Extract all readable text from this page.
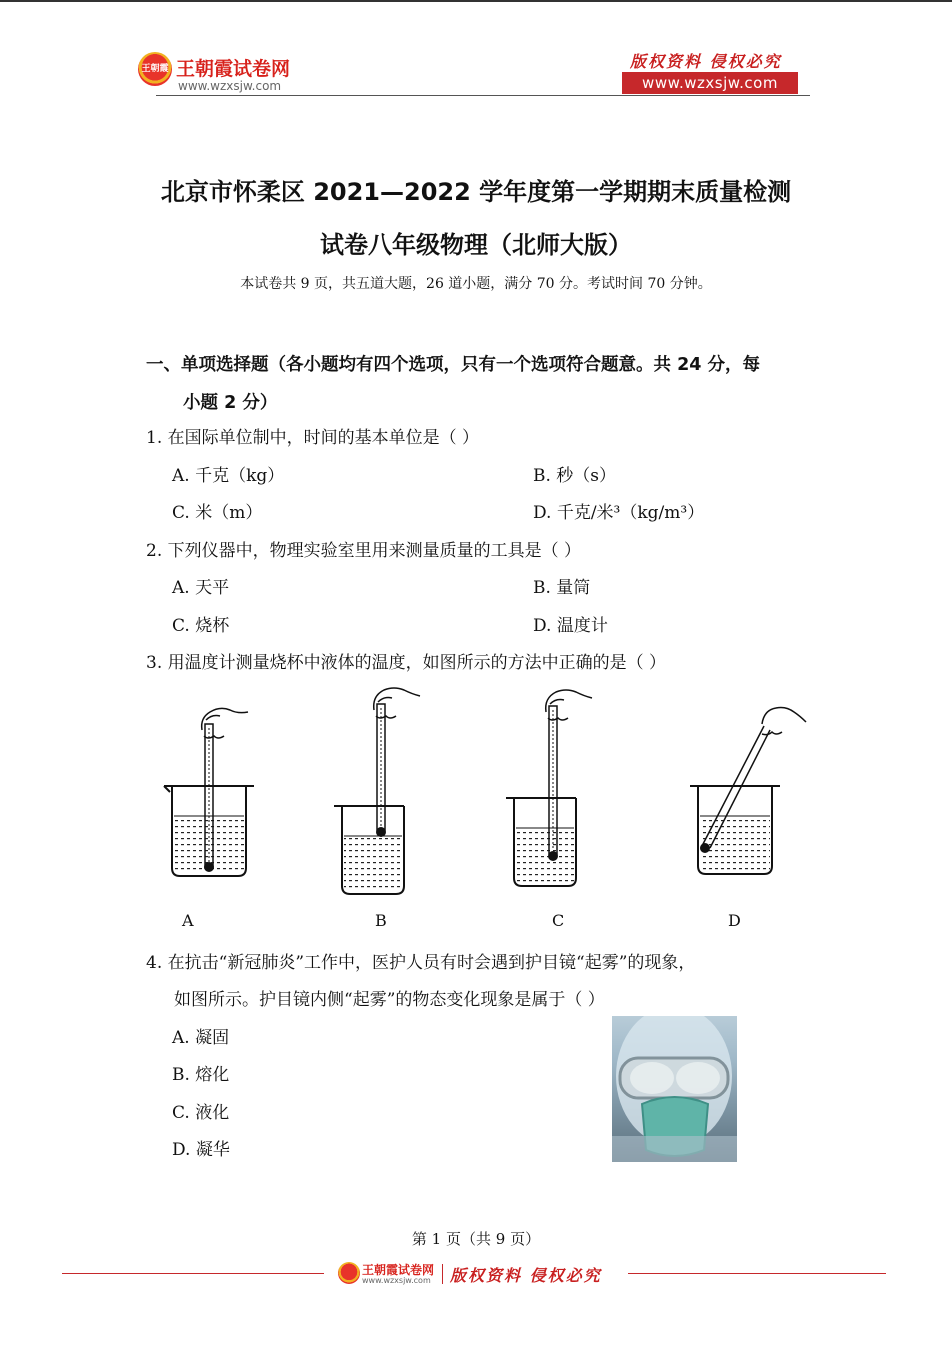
王朝霞 王朝霞试卷网
www.wzxsjw.com
版权资料 侵权必究
www.wzxsjw.com
北京市怀柔区 2021—2022 学年度第一学期期末质量检测
试卷八年级物理（北师大版）
本试卷共 9 页，共五道大题，26 道小题，满分 70 分。考试时间 70 分钟。
一、单项选择题（各小题均有四个选项，只有一个选项符合题意。共 24 分，每
小题 2 分）
1. 在国际单位制中，时间的基本单位是（ ）
A. 千克（kg）	B. 秒（s）
C. 米（m）	D. 千克/米³（kg/m³）
2. 下列仪器中，物理实验室里用来测量质量的工具是（ ）
A. 天平	B. 量筒
C. 烧杯	D. 温度计
3. 用温度计测量烧杯中液体的温度，如图所示的方法中正确的是（ ）
A	B	C	D
4. 在抗击“新冠肺炎”工作中，医护人员有时会遇到护目镜“起雾”的现象，
如图所示。护目镜内侧“起雾”的物态变化现象是属于（ ）
A. 凝固
B. 熔化
C. 液化
D. 凝华
第 1 页（共 9 页）
王朝霞试卷网
www.wzxsjw.com 版权资料 侵权必究
